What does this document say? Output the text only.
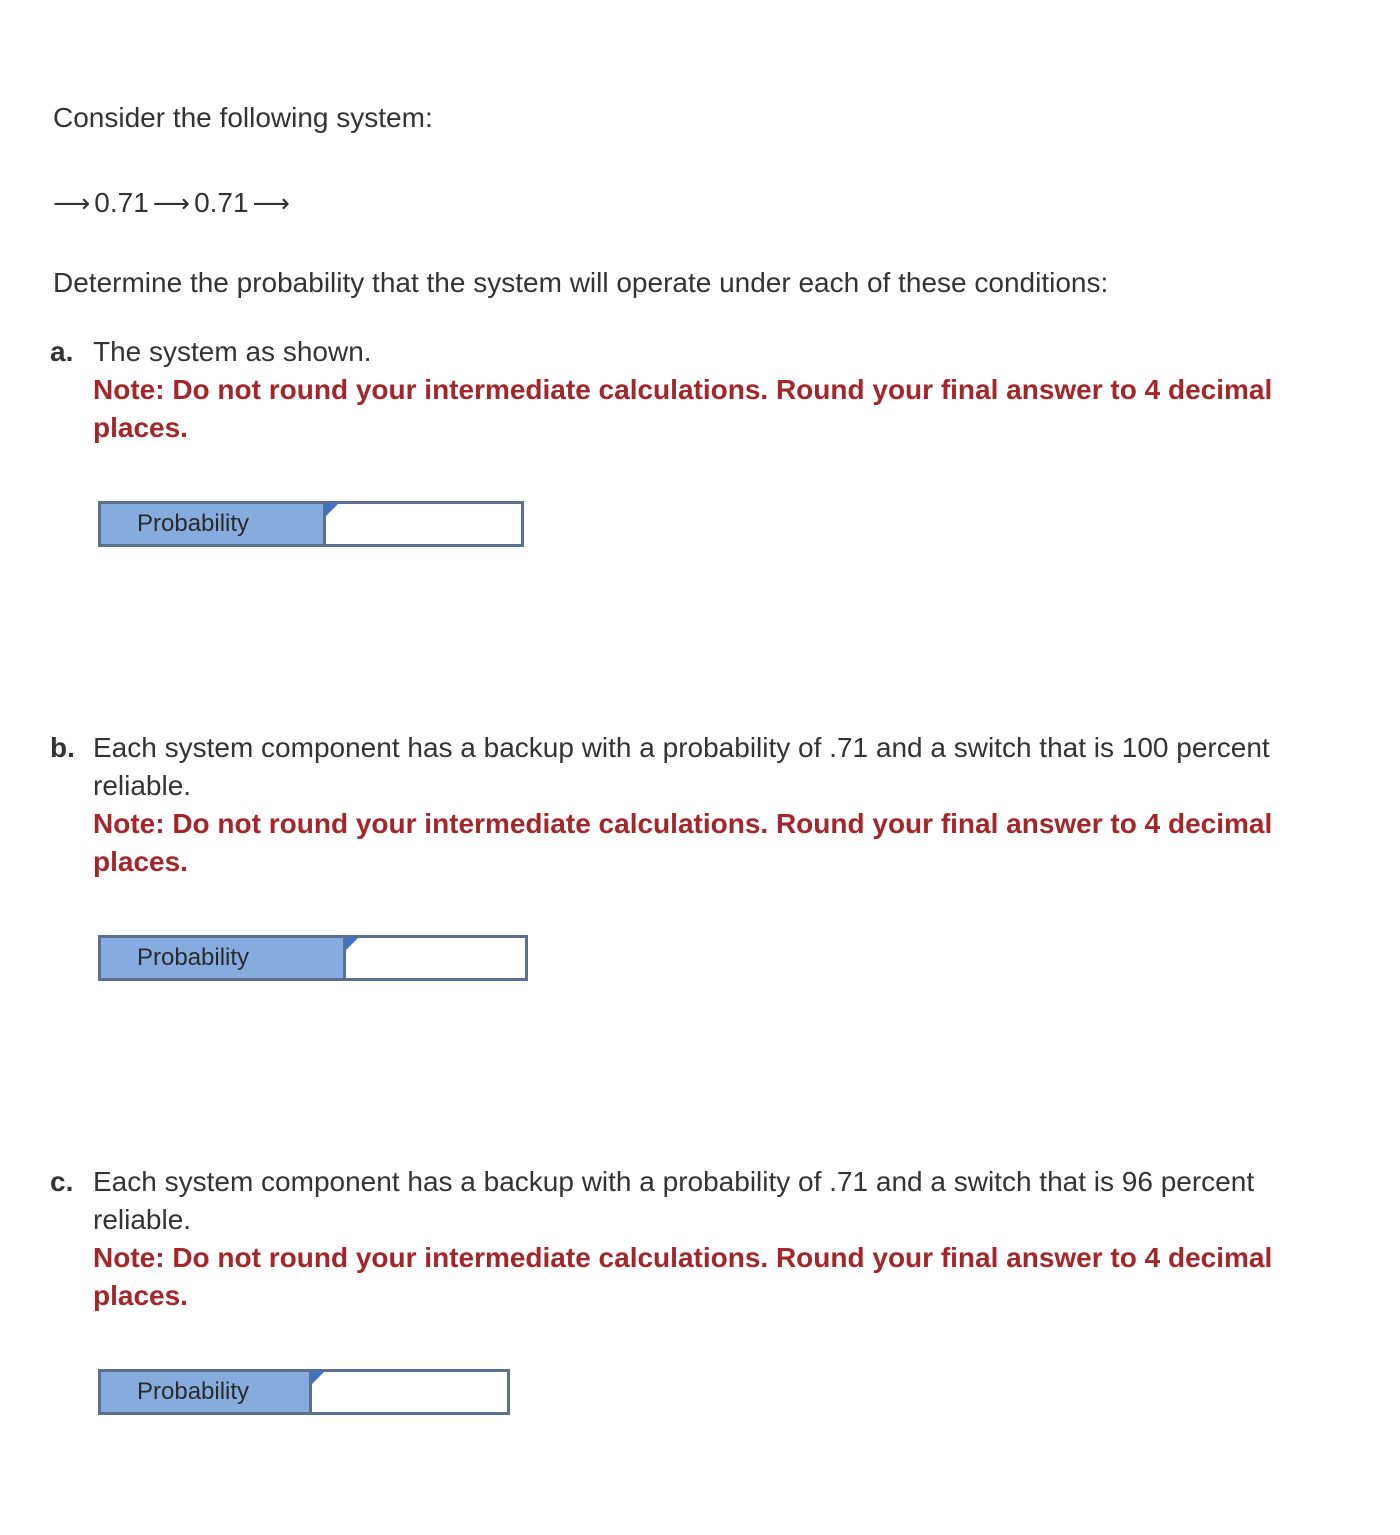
Consider the following system:

⟶ 0.71 ⟶ 0.71 ⟶

Determine the probability that the system will operate under each of these conditions:

a. The system as shown.
Note: Do not round your intermediate calculations. Round your final answer to 4 decimal places.
Probability
b. Each system component has a backup with a probability of .71 and a switch that is 100 percent reliable.
Note: Do not round your intermediate calculations. Round your final answer to 4 decimal places.
Probability
c. Each system component has a backup with a probability of .71 and a switch that is 96 percent reliable.
Note: Do not round your intermediate calculations. Round your final answer to 4 decimal places.
Probability
